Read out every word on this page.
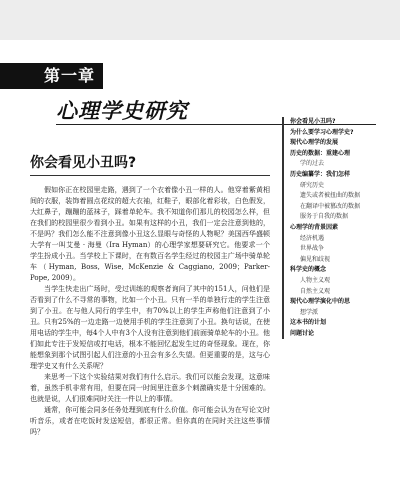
第一章
心理学史研究
你会看见小丑吗?

假如你正在校园里走路，遇到了一个衣着像小丑一样的人。他穿着紫黄相间的衣服，装饰着圆点花纹的超大衣袖，红鞋子，眼部化着彩妆，白色假发，大红鼻子，蹦蹦的蓝袜子，踩着单轮车。我不知道你们那儿的校园怎么样，但在我们的校园里很少看到小丑。如果有这样的小丑，我们一定会注意到他的，不是吗？我们怎么能不注意到像小丑这么显眼与奇怪的人物呢？美国西华盛顿大学有一叫艾曼 · 海曼（Ira Hyman）的心理学家想要研究它。他要求一个学生扮成小丑。当学校上下课时，在有数百名学生经过的校园主广场中骑单轮车（Hyman, Boss, Wise, McKenzie & Caggiano, 2009；Parker-Pope, 2009）。

当学生快走出广场时，受过训练的观察者询问了其中的151人，问他们是否看到了什么不寻常的事物，比如一个小丑。只有一半的单独行走的学生注意到了小丑。在与他人同行的学生中，有70%以上的学生声称他们注意到了小丑。只有25%的一边走路一边使用手机的学生注意到了小丑。换句话说，在使用电话的学生中，每4个人中有3个人没有注意到他们前面骑单轮车的小丑。他们如此专注于发短信或打电话，根本不能回忆起发生过的奇怪现象。现在，你能想象到那个试图引起人们注意的小丑会有多么失望。但更重要的是，这与心理学史又有什么关系呢？

来思考一下这个实验结果对我们有什么启示。我们可以能会发现，这意味着，虽然手机非常有用，但要在同一时间里注意多个刺激确实是十分困难的。也就是说，人们很难同时关注一件以上的事情。

通常，你可能会同多任务处理到底有什么价值。你可能会认为在写论文时听音乐，或者在吃饭时发送短信，都很正常。但你真的在同时关注这些事情吗？

你会看见小丑吗?
为什么要学习心理学史?
现代心理学的发展
历史的数据：重建心理
学的过去
历史编纂学：我们怎样
研究历史
遗失或者被扭曲的数据
在翻译中被篡改的数据
服务于自我的数据
心理学的背景因素
经济机遇
世界战争
偏见和歧视
科学史的概念
人物主义观
自然主义观
现代心理学演化中的思
想学派
这本书的计划
问题讨论
